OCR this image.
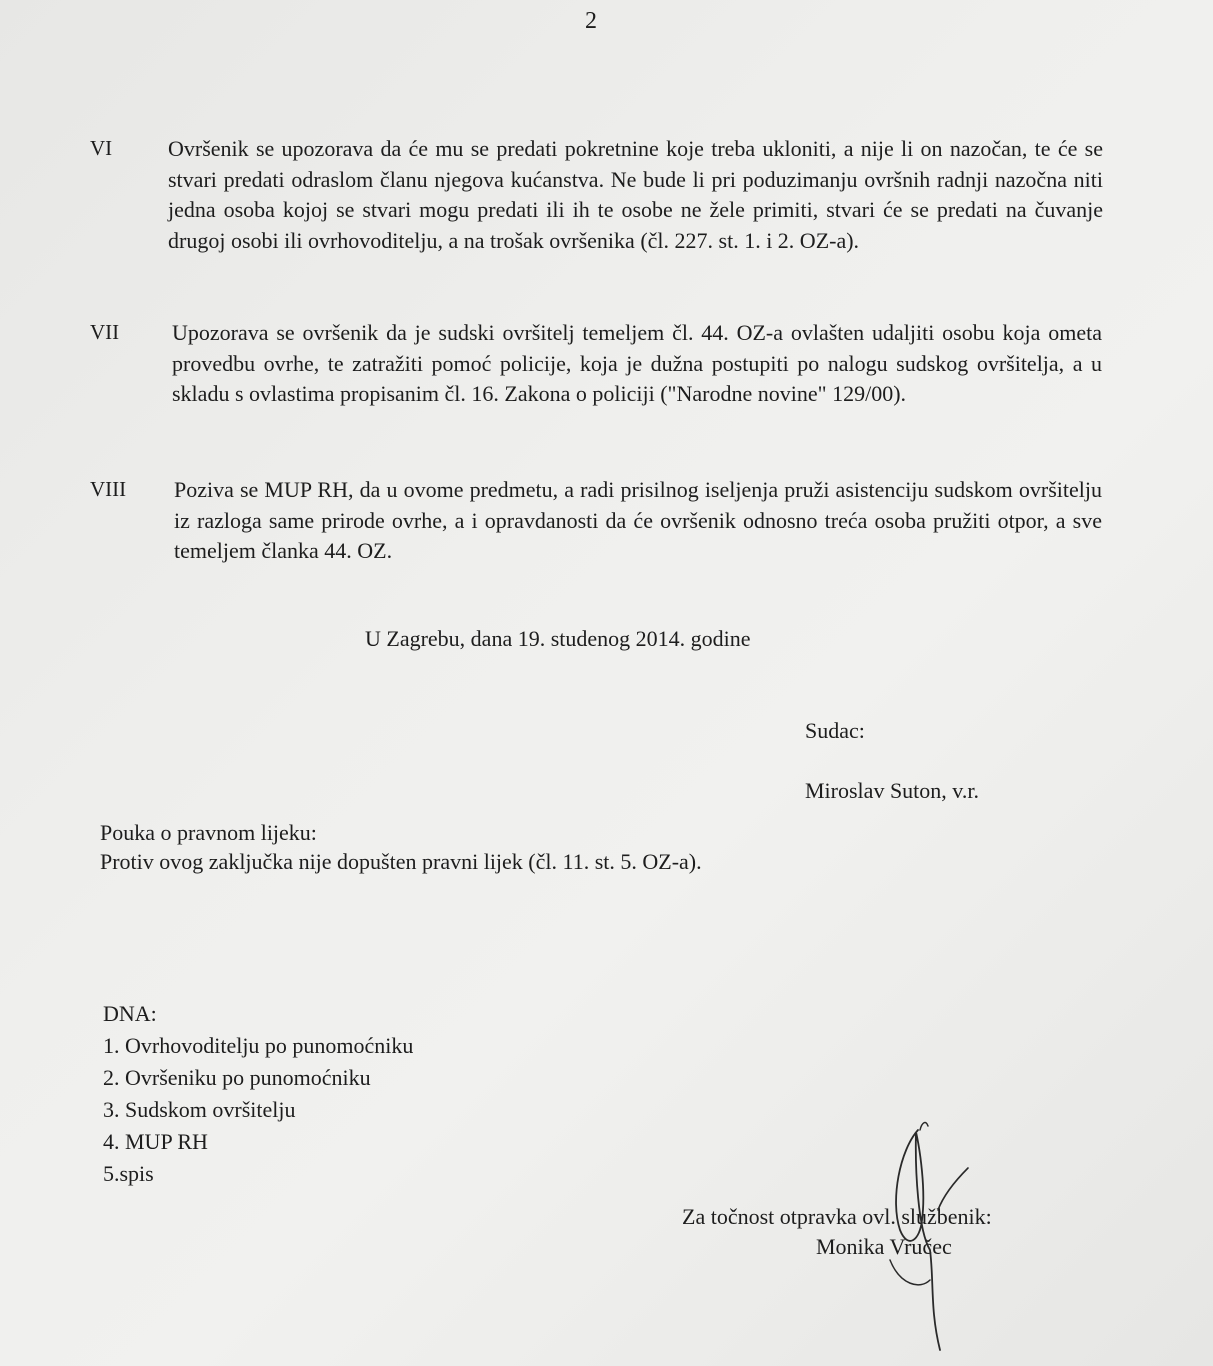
2
VI	Ovršenik se upozorava da će mu se predati pokretnine koje treba ukloniti, a nije li on nazočan, te će se stvari predati odraslom članu njegova kućanstva. Ne bude li pri poduzimanju ovršnih radnji nazočna niti jedna osoba kojoj se stvari mogu predati ili ih te osobe ne žele primiti, stvari će se predati na čuvanje drugoj osobi ili ovrhovoditelju, a na trošak ovršenika (čl. 227. st. 1. i 2. OZ-a).
VII Upozorava se ovršenik da je sudski ovršitelj temeljem čl. 44. OZ-a ovlašten udaljiti osobu koja ometa provedbu ovrhe, te zatražiti pomoć policije, koja je dužna postupiti po nalogu sudskog ovršitelja, a u skladu s ovlastima propisanim čl. 16. Zakona o policiji ("Narodne novine" 129/00).
VIII Poziva se MUP RH, da u ovome predmetu, a radi prisilnog iseljenja pruži asistenciju sudskom ovršitelju iz razloga same prirode ovrhe, a i opravdanosti da će ovršenik odnosno treća osoba pružiti otpor, a sve temeljem članka 44. OZ.
U Zagrebu, dana 19. studenog 2014. godine
Sudac:
Miroslav Suton, v.r.
Pouka o pravnom lijeku:
Protiv ovog zaključka nije dopušten pravni lijek (čl. 11. st. 5. OZ-a).
DNA:
1. Ovrhovoditelju po punomoćniku
2. Ovršeniku po punomoćniku
3. Sudskom ovršitelju
4. MUP RH
5.spis
Za točnost otpravka ovl. službenik:
Monika Vručec
